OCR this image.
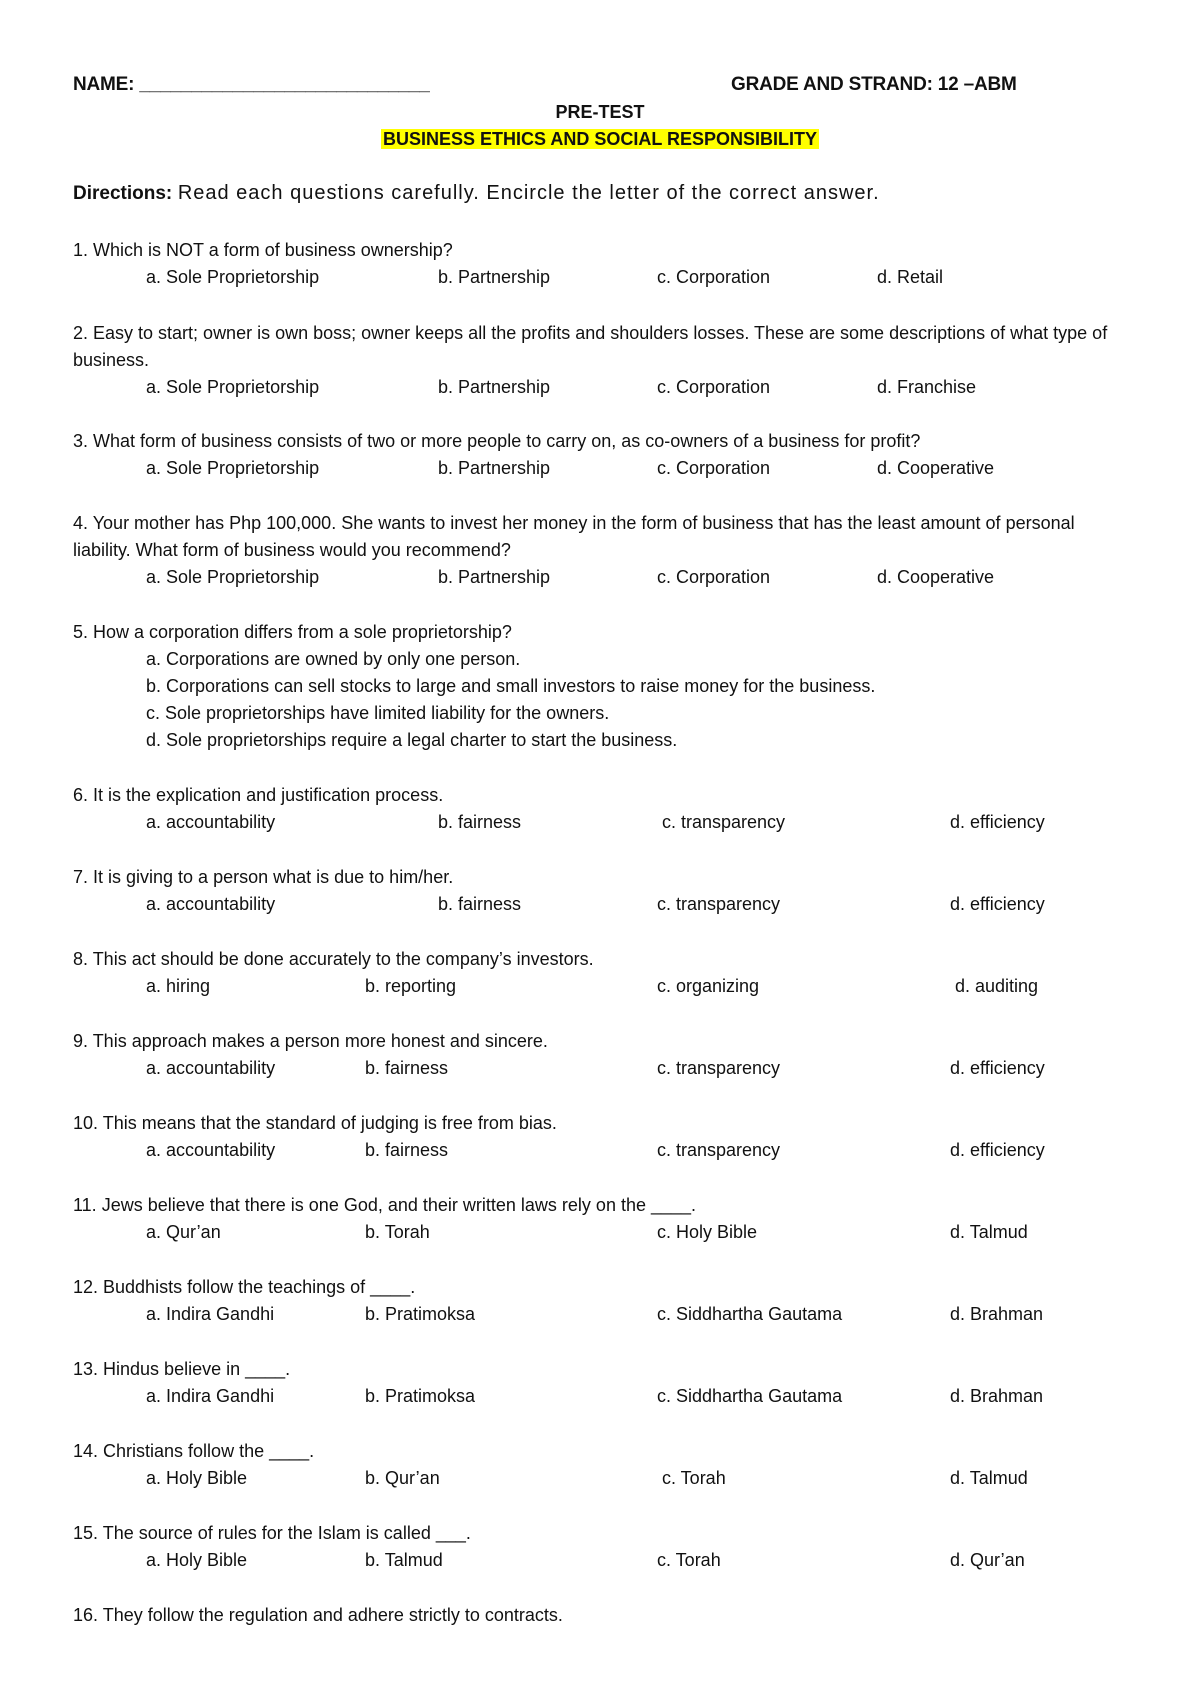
NAME: ____________________________	GRADE AND STRAND: 12 –ABM
PRE-TEST
BUSINESS ETHICS AND SOCIAL RESPONSIBILITY
Directions: Read each questions carefully. Encircle the letter of the correct answer.
1. Which is NOT a form of business ownership?
a. Sole Proprietorship	b. Partnership	c. Corporation	d. Retail
2. Easy to start; owner is own boss; owner keeps all the profits and shoulders losses. These are some descriptions of what type of business.
a. Sole Proprietorship	b. Partnership	c. Corporation	d. Franchise
3. What form of business consists of two or more people to carry on, as co-owners of a business for profit?
a. Sole Proprietorship	b. Partnership	c. Corporation	d. Cooperative
4. Your mother has Php 100,000. She wants to invest her money in the form of business that has the least amount of personal liability. What form of business would you recommend?
a. Sole Proprietorship	b. Partnership	c. Corporation	d. Cooperative
5. How a corporation differs from a sole proprietorship?
a. Corporations are owned by only one person.
b. Corporations can sell stocks to large and small investors to raise money for the business.
c. Sole proprietorships have limited liability for the owners.
d. Sole proprietorships require a legal charter to start the business.
6. It is the explication and justification process.
a. accountability	b. fairness	c. transparency	d. efficiency
7. It is giving to a person what is due to him/her.
a. accountability	b. fairness	c. transparency	d. efficiency
8. This act should be done accurately to the company’s investors.
a. hiring	b. reporting	c. organizing	d. auditing
9. This approach makes a person more honest and sincere.
a. accountability	b. fairness	c. transparency	d. efficiency
10. This means that the standard of judging is free from bias.
a. accountability	b. fairness	c. transparency	d. efficiency
11. Jews believe that there is one God, and their written laws rely on the ____.
a. Qur’an	b. Torah	c. Holy Bible	d. Talmud
12. Buddhists follow the teachings of ____.
a. Indira Gandhi	b. Pratimoksa	c. Siddhartha Gautama	d. Brahman
13. Hindus believe in ____.
a. Indira Gandhi	b. Pratimoksa	c. Siddhartha Gautama	d. Brahman
14. Christians follow the ____.
a. Holy Bible	b. Qur’an	c. Torah	d. Talmud
15. The source of rules for the Islam is called ___.
a. Holy Bible	b. Talmud	c. Torah	d. Qur’an
16. They follow the regulation and adhere strictly to contracts.
